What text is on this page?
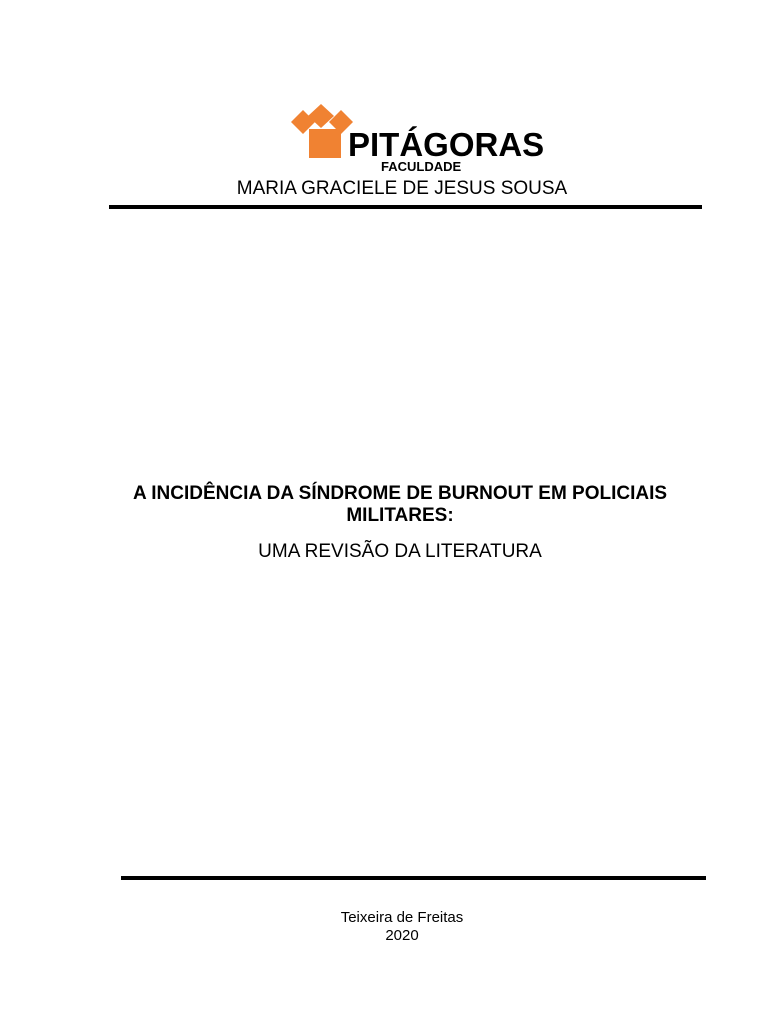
PITÁGORAS
FACULDADE
MARIA GRACIELE DE JESUS SOUSA
A INCIDÊNCIA DA SÍNDROME DE BURNOUT EM POLICIAIS MILITARES:
UMA REVISÃO DA LITERATURA
Teixeira de Freitas
2020
